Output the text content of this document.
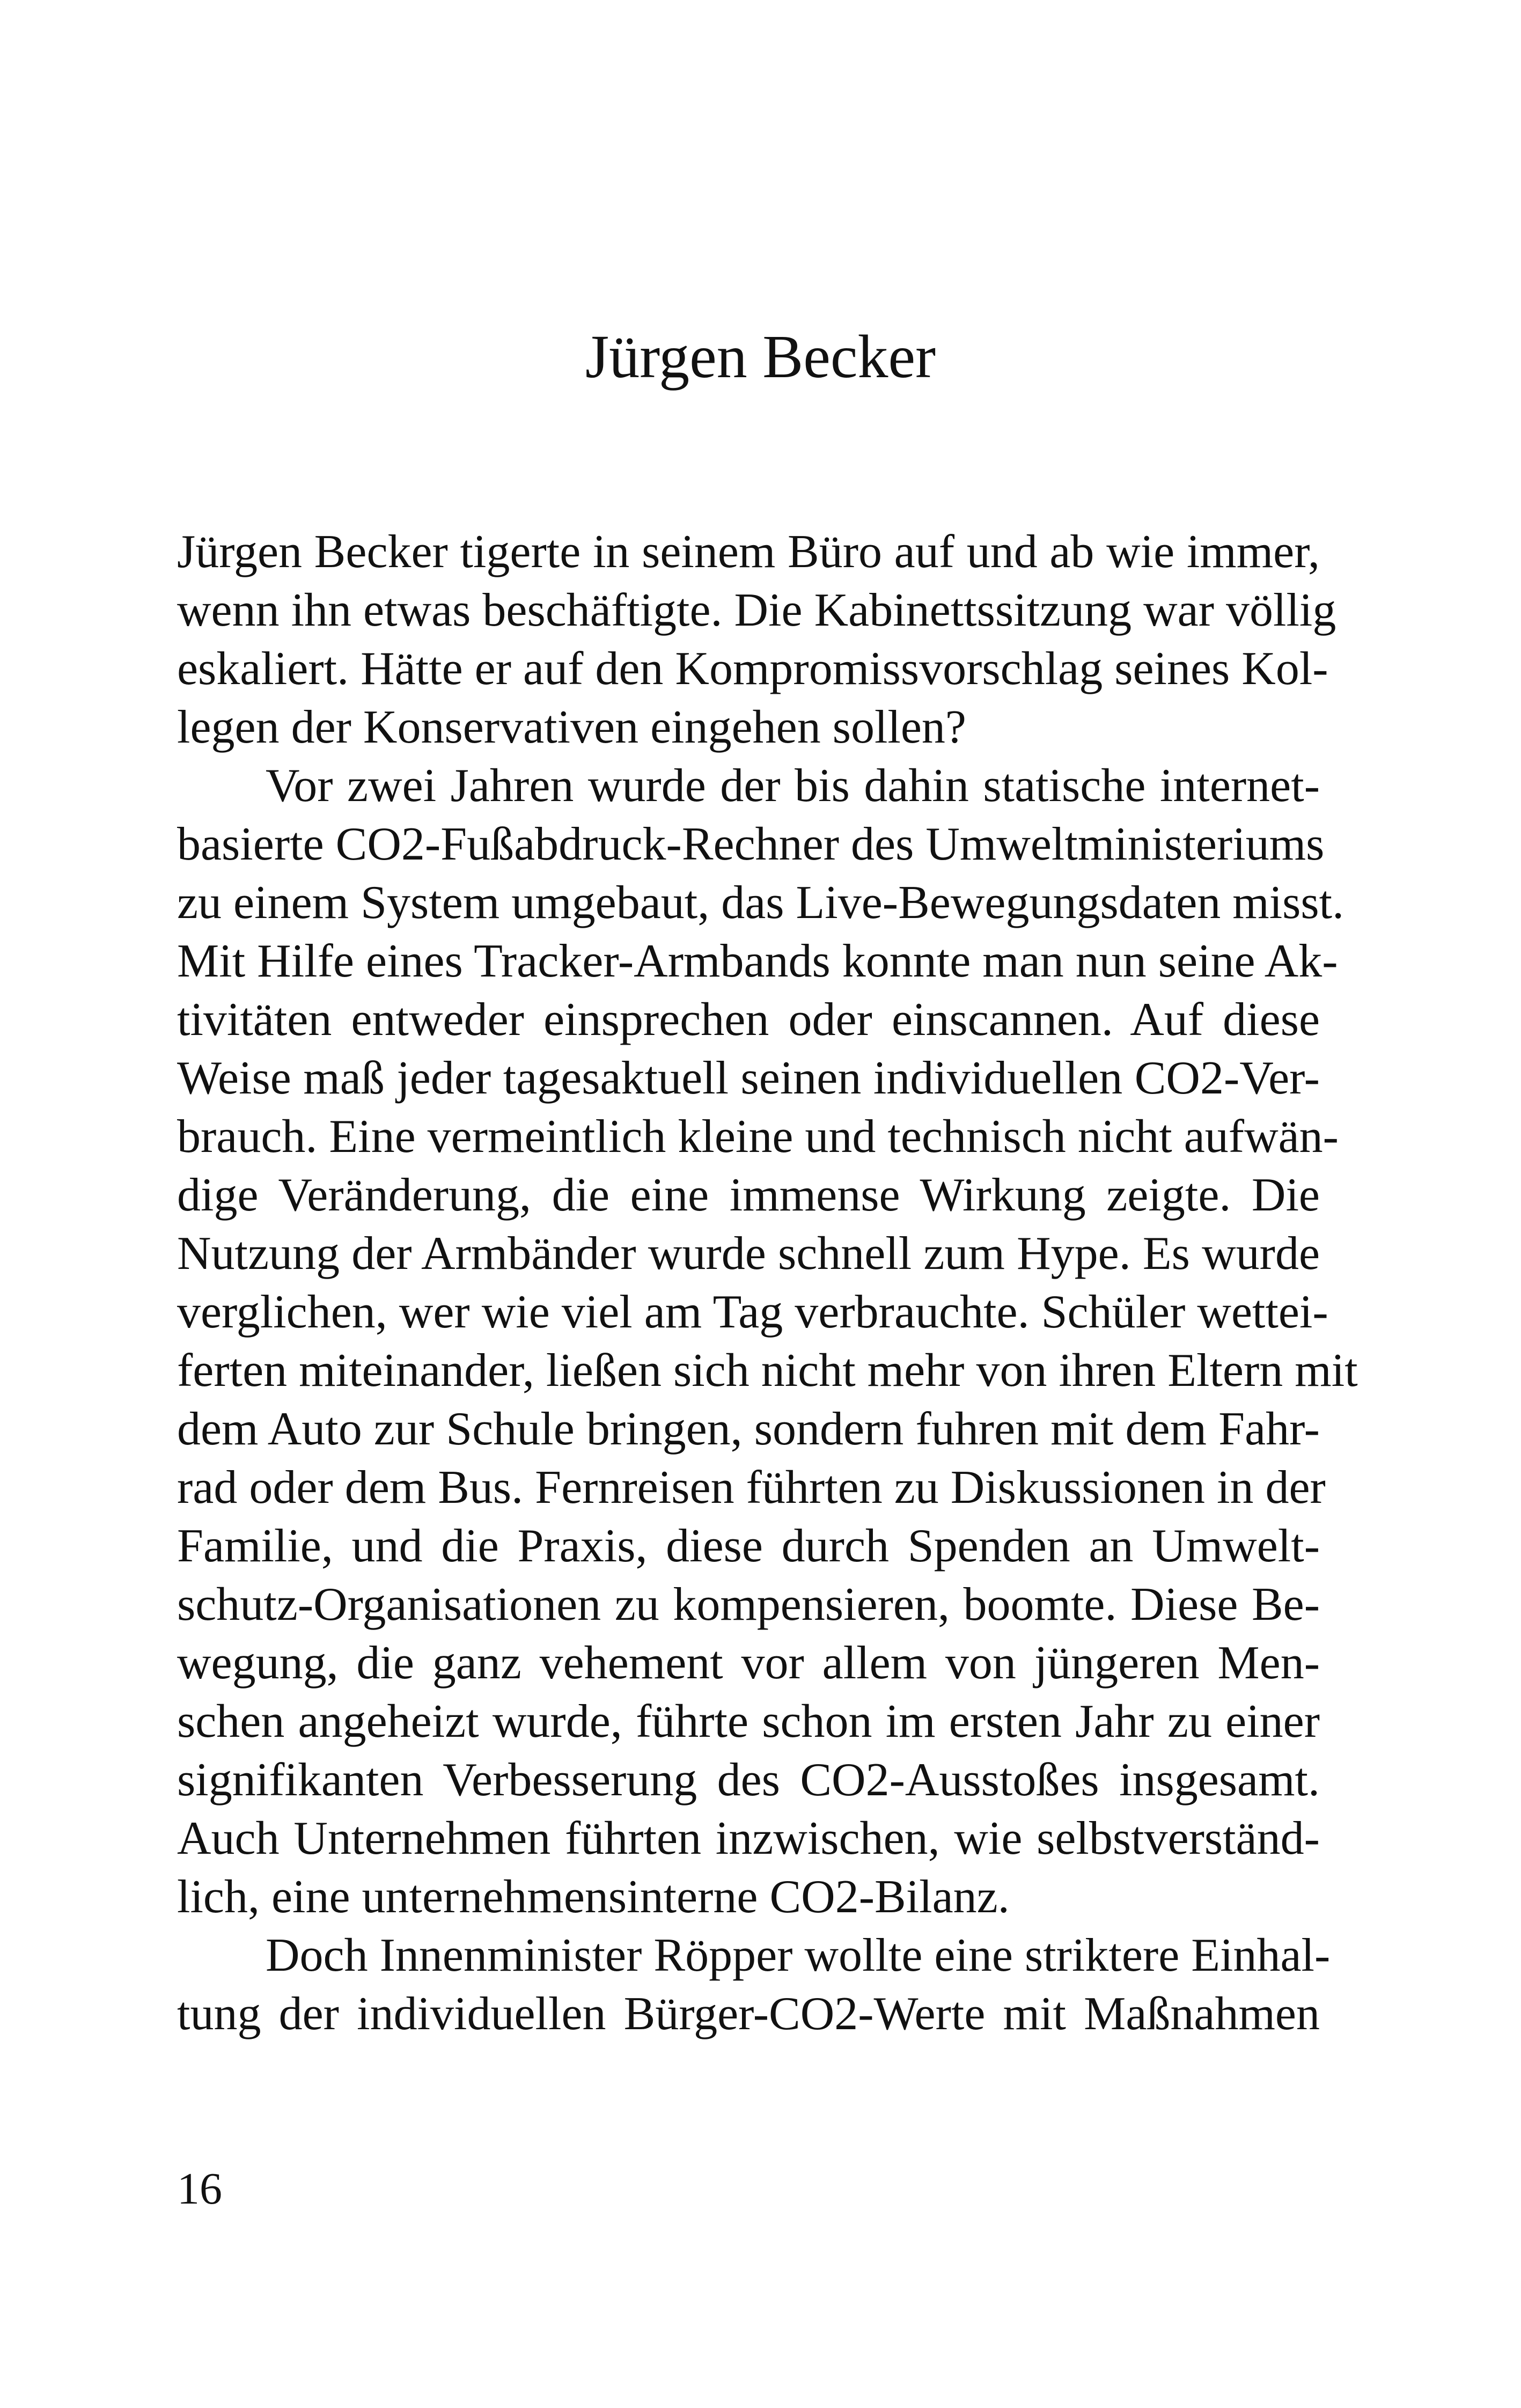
Jürgen Becker

Jürgen Becker tigerte in seinem Büro auf und ab wie immer,
wenn ihn etwas beschäftigte. Die Kabinettssitzung war völlig
eskaliert. Hätte er auf den Kompromissvorschlag seines Kol-
legen der Konservativen eingehen sollen?

Vor zwei Jahren wurde der bis dahin statische internet-
basierte CO2-Fußabdruck-Rechner des Umweltministeriums
zu einem System umgebaut, das Live-Bewegungsdaten misst.
Mit Hilfe eines Tracker-Armbands konnte man nun seine Ak-
tivitäten entweder einsprechen oder einscannen. Auf diese
Weise maß jeder tagesaktuell seinen individuellen CO2-Ver-
brauch. Eine vermeintlich kleine und technisch nicht aufwän-
dige Veränderung, die eine immense Wirkung zeigte. Die
Nutzung der Armbänder wurde schnell zum Hype. Es wurde
verglichen, wer wie viel am Tag verbrauchte. Schüler wettei-
ferten miteinander, ließen sich nicht mehr von ihren Eltern mit
dem Auto zur Schule bringen, sondern fuhren mit dem Fahr-
rad oder dem Bus. Fernreisen führten zu Diskussionen in der
Familie, und die Praxis, diese durch Spenden an Umwelt-
schutz-Organisationen zu kompensieren, boomte. Diese Be-
wegung, die ganz vehement vor allem von jüngeren Men-
schen angeheizt wurde, führte schon im ersten Jahr zu einer
signifikanten Verbesserung des CO2-Ausstoßes insgesamt.
Auch Unternehmen führten inzwischen, wie selbstverständ-
lich, eine unternehmensinterne CO2-Bilanz.

Doch Innenminister Röpper wollte eine striktere Einhal-
tung der individuellen Bürger-CO2-Werte mit Maßnahmen

16
